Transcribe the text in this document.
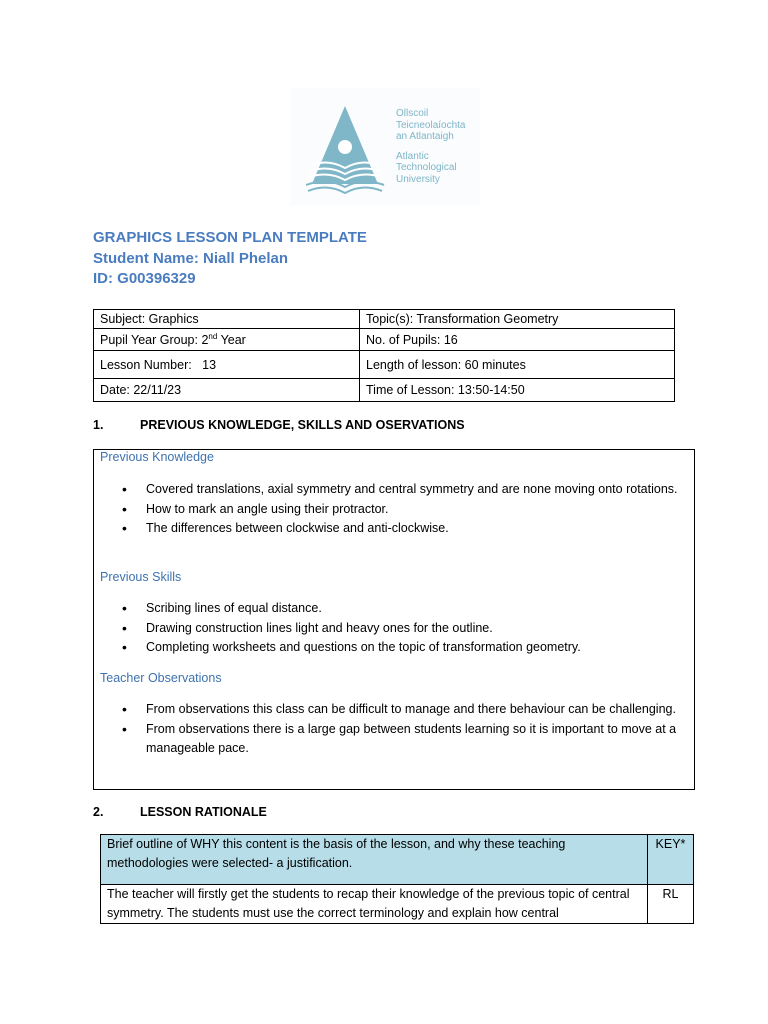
Ollscoil
Teicneolaíochta
an Atlantaigh
Atlantic
Technological
University
GRAPHICS LESSON PLAN TEMPLATE
Student Name: Niall Phelan
ID: G00396329
Subject: Graphics	Topic(s): Transformation Geometry
Pupil Year Group: 2nd Year	No. of Pupils: 16
Lesson Number:   13	Length of lesson: 60 minutes
Date: 22/11/23	Time of Lesson: 13:50-14:50
1.	PREVIOUS KNOWLEDGE, SKILLS AND OSERVATIONS
Previous Knowledge
• Covered translations, axial symmetry and central symmetry and are none moving onto rotations.
• How to mark an angle using their protractor.
• The differences between clockwise and anti-clockwise.
Previous Skills
• Scribing lines of equal distance.
• Drawing construction lines light and heavy ones for the outline.
• Completing worksheets and questions on the topic of transformation geometry.
Teacher Observations
• From observations this class can be difficult to manage and there behaviour can be challenging.
• From observations there is a large gap between students learning so it is important to move at a manageable pace.
2.	LESSON RATIONALE
Brief outline of WHY this content is the basis of the lesson, and why these teaching methodologies were selected- a justification.	KEY*
The teacher will firstly get the students to recap their knowledge of the previous topic of central symmetry. The students must use the correct terminology and explain how central	RL
